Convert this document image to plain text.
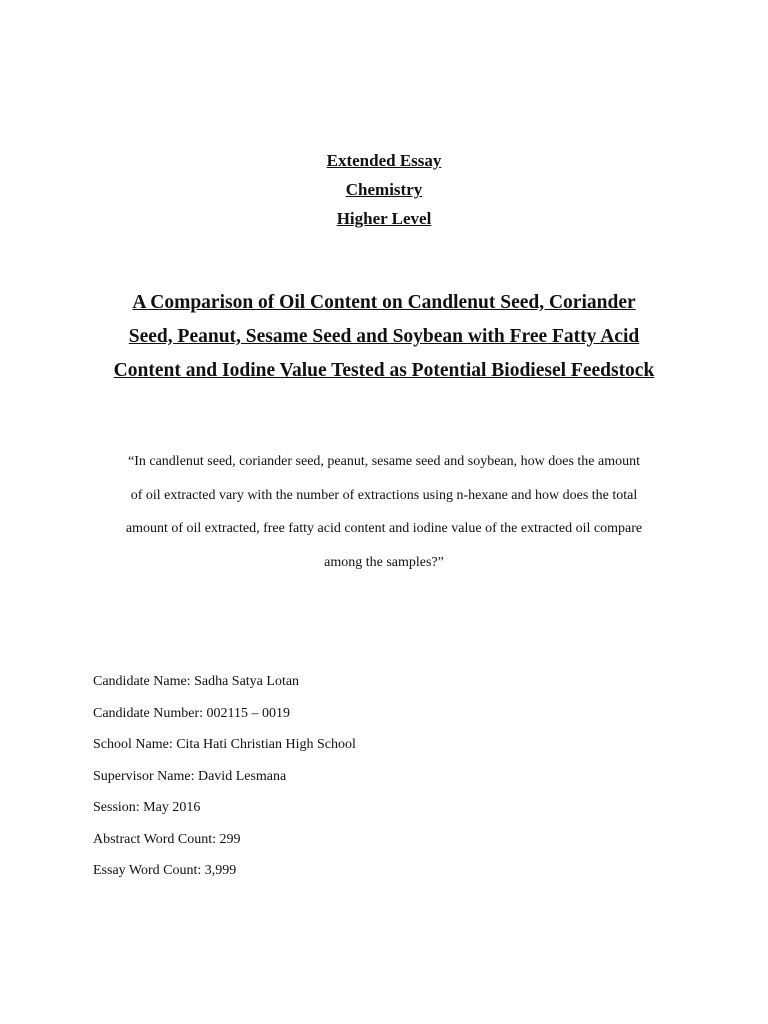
Extended Essay
Chemistry
Higher Level
A Comparison of Oil Content on Candlenut Seed, Coriander
Seed, Peanut, Sesame Seed and Soybean with Free Fatty Acid
Content and Iodine Value Tested as Potential Biodiesel Feedstock
“In candlenut seed, coriander seed, peanut, sesame seed and soybean, how does the amount
of oil extracted vary with the number of extractions using n-hexane and how does the total
amount of oil extracted, free fatty acid content and iodine value of the extracted oil compare
among the samples?”
Candidate Name: Sadha Satya Lotan
Candidate Number: 002115 – 0019
School Name: Cita Hati Christian High School
Supervisor Name: David Lesmana
Session: May 2016
Abstract Word Count: 299
Essay Word Count: 3,999
